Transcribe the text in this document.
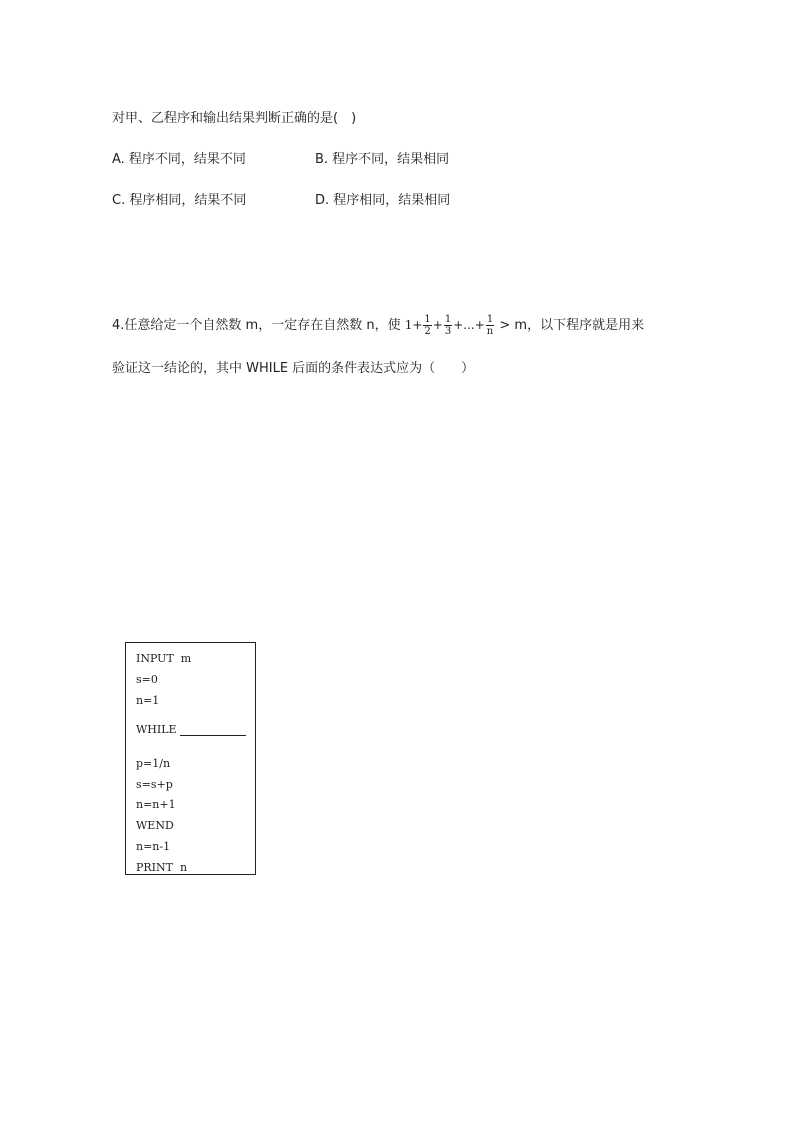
对甲、乙程序和输出结果判断正确的是(　)
A. 程序不同，结果不同	B. 程序不同，结果相同
C. 程序相同，结果不同	D. 程序相同，结果相同
4.任意给定一个自然数 m，一定存在自然数 n，使 $1+ \frac{1}{2} + \frac{1}{3}$ +...+ $\frac{1}{n} > m$，以下程序就是用来
验证这一结论的，其中 WHILE 后面的条件表达式应为（　　）
INPUT  m
s=0
n=1
WHILE
p=1/n
s=s+p
n=n+1
WEND
n=n-1
PRINT  n
